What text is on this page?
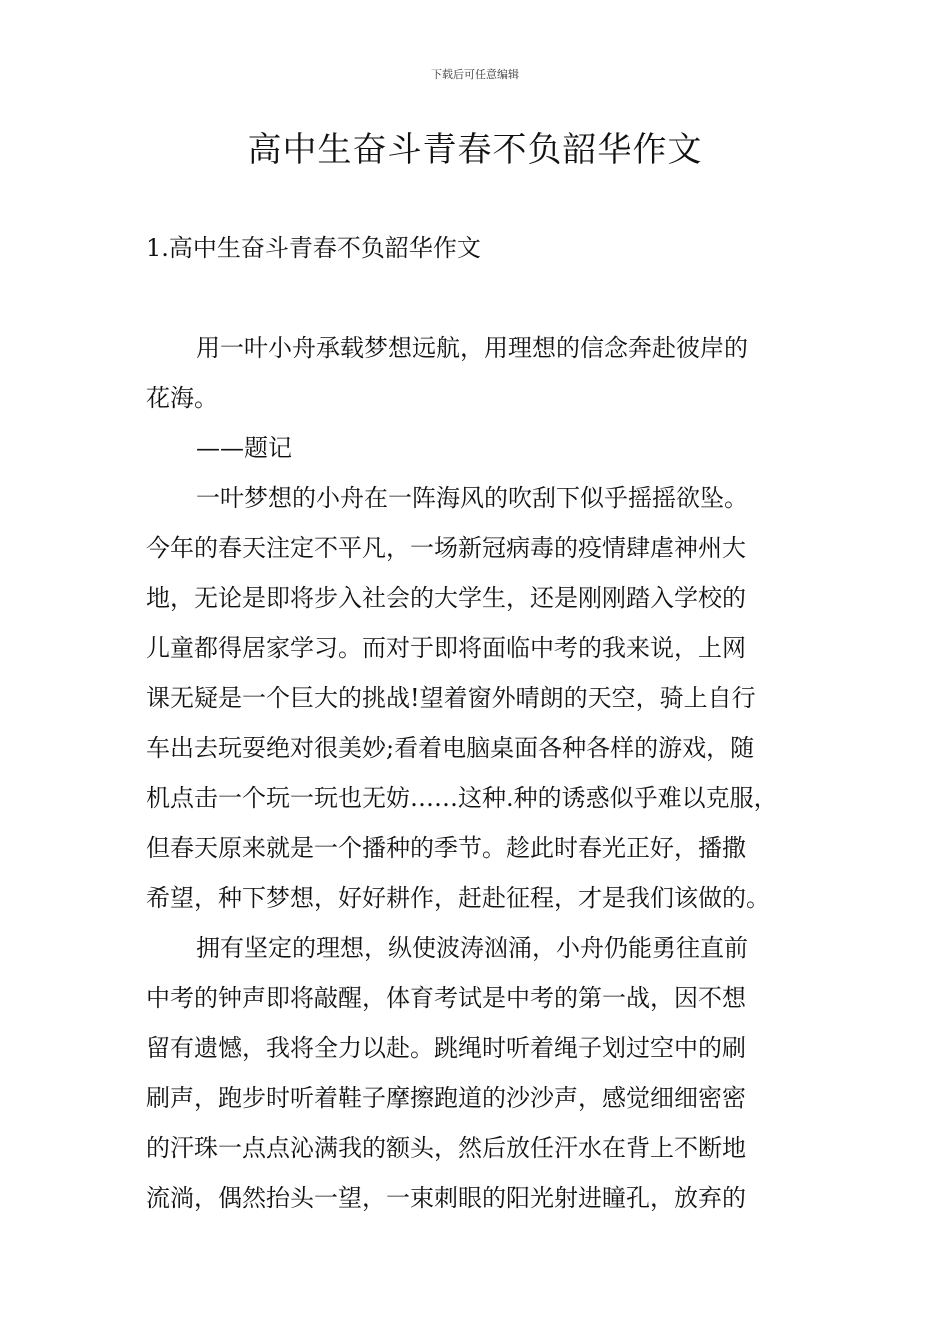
下载后可任意编辑
高中生奋斗青春不负韶华作文

1.高中生奋斗青春不负韶华作文

用一叶小舟承载梦想远航，用理想的信念奔赴彼岸的

花海。

——题记

一叶梦想的小舟在一阵海风的吹刮下似乎摇摇欲坠。

今年的春天注定不平凡，一场新冠病毒的疫情肆虐神州大

地，无论是即将步入社会的大学生，还是刚刚踏入学校的

儿童都得居家学习。而对于即将面临中考的我来说，上网

课无疑是一个巨大的挑战!望着窗外晴朗的天空，骑上自行

车出去玩耍绝对很美妙;看着电脑桌面各种各样的游戏，随

机点击一个玩一玩也无妨……这种.种的诱惑似乎难以克服，

但春天原来就是一个播种的季节。趁此时春光正好，播撒

希望，种下梦想，好好耕作，赶赴征程，才是我们该做的。

拥有坚定的理想，纵使波涛汹涌，小舟仍能勇往直前

中考的钟声即将敲醒，体育考试是中考的第一战，因不想

留有遗憾，我将全力以赴。跳绳时听着绳子划过空中的刷

刷声，跑步时听着鞋子摩擦跑道的沙沙声，感觉细细密密

的汗珠一点点沁满我的额头，然后放任汗水在背上不断地

流淌，偶然抬头一望，一束刺眼的阳光射进瞳孔，放弃的
